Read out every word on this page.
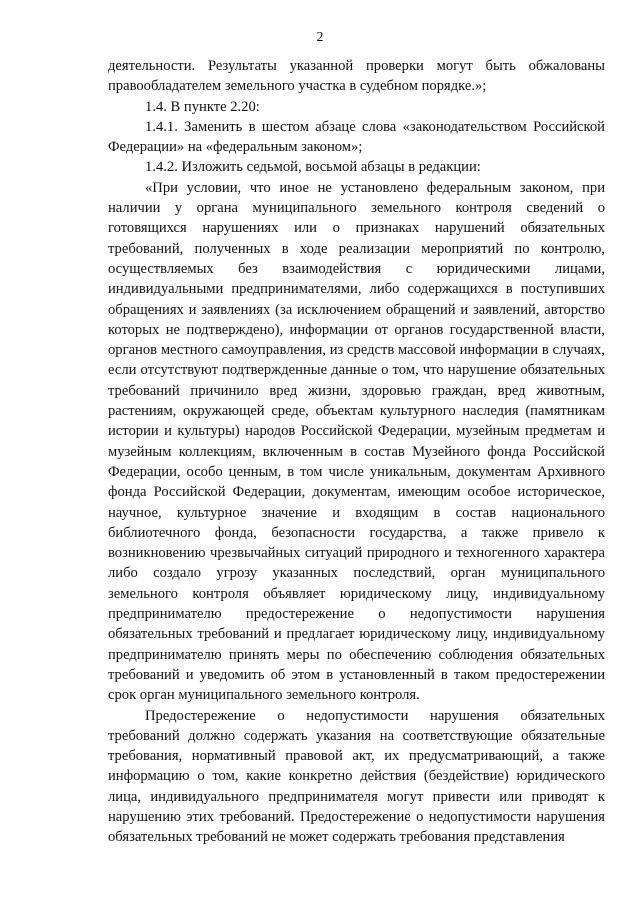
2

деятельности. Результаты указанной проверки могут быть обжалованы правообладателем земельного участка в судебном порядке.»;

1.4. В пункте 2.20:

1.4.1. Заменить в шестом абзаце слова «законодательством Российской Федерации» на «федеральным законом»;

1.4.2. Изложить седьмой, восьмой абзацы в редакции:

«При условии, что иное не установлено федеральным законом, при наличии у органа муниципального земельного контроля сведений о готовящихся нарушениях или о признаках нарушений обязательных требований, полученных в ходе реализации мероприятий по контролю, осуществляемых без взаимодействия с юридическими лицами, индивидуальными предпринимателями, либо содержащихся в поступивших обращениях и заявлениях (за исключением обращений и заявлений, авторство которых не подтверждено), информации от органов государственной власти, органов местного самоуправления, из средств массовой информации в случаях, если отсутствуют подтвержденные данные о том, что нарушение обязательных требований причинило вред жизни, здоровью граждан, вред животным, растениям, окружающей среде, объектам культурного наследия (памятникам истории и культуры) народов Российской Федерации, музейным предметам и музейным коллекциям, включенным в состав Музейного фонда Российской Федерации, особо ценным, в том числе уникальным, документам Архивного фонда Российской Федерации, документам, имеющим особое историческое, научное, культурное значение и входящим в состав национального библиотечного фонда, безопасности государства, а также привело к возникновению чрезвычайных ситуаций природного и техногенного характера либо создало угрозу указанных последствий, орган муниципального земельного контроля объявляет юридическому лицу, индивидуальному предпринимателю предостережение о недопустимости нарушения обязательных требований и предлагает юридическому лицу, индивидуальному предпринимателю принять меры по обеспечению соблюдения обязательных требований и уведомить об этом в установленный в таком предостережении срок орган муниципального земельного контроля.

Предостережение о недопустимости нарушения обязательных требований должно содержать указания на соответствующие обязательные требования, нормативный правовой акт, их предусматривающий, а также информацию о том, какие конкретно действия (бездействие) юридического лица, индивидуального предпринимателя могут привести или приводят к нарушению этих требований. Предостережение о недопустимости нарушения обязательных требований не может содержать требования представления
